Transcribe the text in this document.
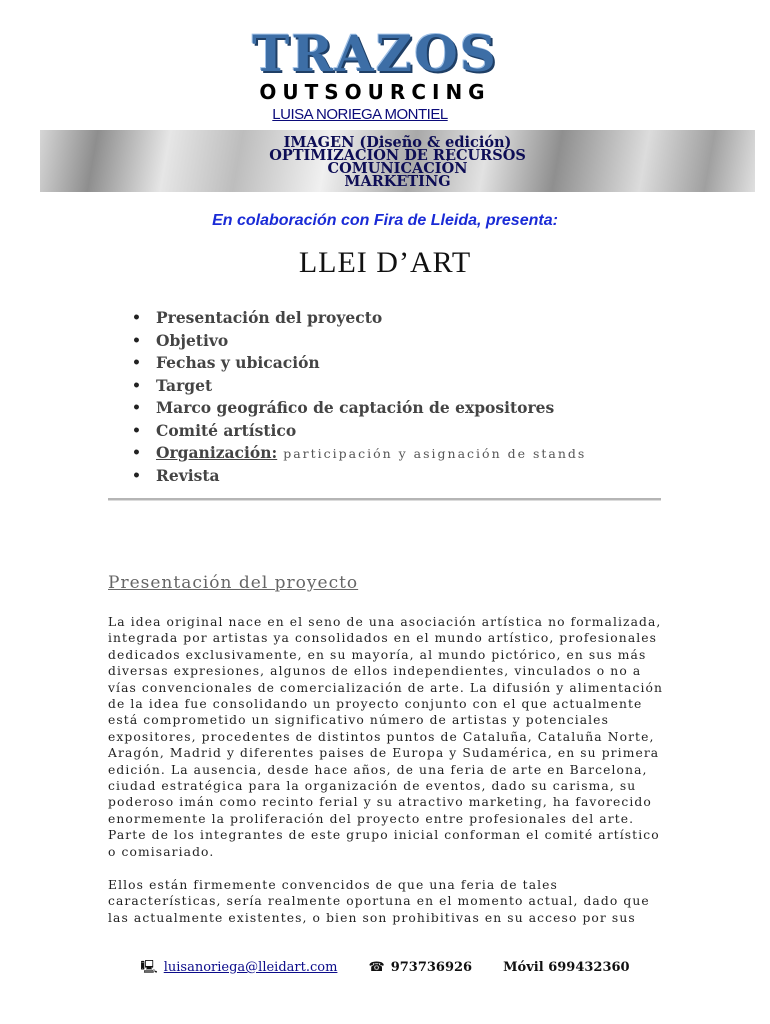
TRAZOS
OUTSOURCING
LUISA NORIEGA MONTIEL
IMAGEN (Diseño & edición)
OPTIMIZACIÓN DE RECURSOS
COMUNICACIÓN
MARKETING
En colaboración con Fira de Lleida, presenta:
LLEI D’ART
• Presentación del proyecto
• Objetivo
• Fechas y ubicación
• Target
• Marco geográfico de captación de expositores
• Comité artístico
• Organización: participación y asignación de stands
• Revista
Presentación del proyecto

La idea original nace en el seno de una asociación artística no formalizada, integrada por artistas ya consolidados en el mundo artístico, profesionales dedicados exclusivamente, en su mayoría, al mundo pictórico, en sus más diversas expresiones, algunos de ellos independientes, vinculados o no a vías convencionales de comercialización de arte. La difusión y alimentación de la idea fue consolidando un proyecto conjunto con el que actualmente está comprometido un significativo número de artistas y potenciales expositores, procedentes de distintos puntos de Cataluña, Cataluña Norte, Aragón, Madrid y diferentes paises de Europa y Sudamérica, en su primera edición. La ausencia, desde hace años, de una feria de arte en Barcelona, ciudad estratégica para la organización de eventos, dado su carisma, su poderoso imán como recinto ferial y su atractivo marketing, ha favorecido enormemente la proliferación del proyecto entre profesionales del arte. Parte de los integrantes de este grupo inicial conforman el comité artístico o comisariado.

Ellos están firmemente convencidos de que una feria de tales características, sería realmente oportuna en el momento actual, dado que las actualmente existentes, o bien son prohibitivas en su acceso por sus

🖳 luisanoriega@lleidart.com ☎ 973736926 Móvil 699432360
